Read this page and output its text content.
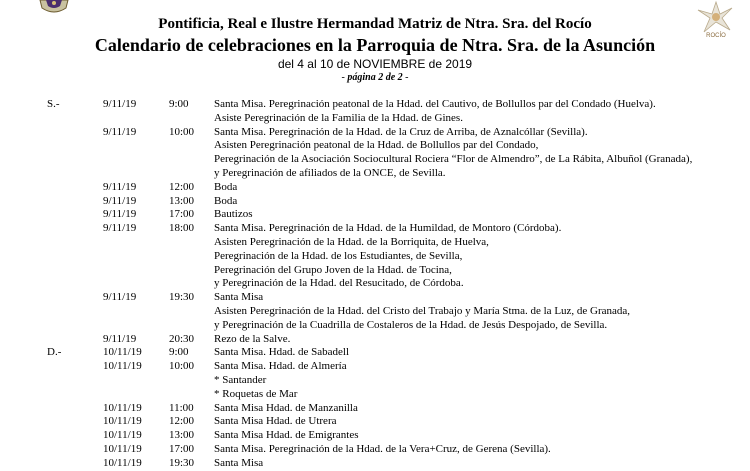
ROCÍO
Pontificia, Real e Ilustre Hermandad Matriz de Ntra. Sra. del Rocío
Calendario de celebraciones en la Parroquia de Ntra. Sra. de la Asunción
del 4 al 10 de NOVIEMBRE de 2019
- página 2 de 2 -
S.-	9/11/19	9:00 Santa Misa. Peregrinación peatonal de la Hdad. del Cautivo, de Bollullos par del Condado (Huelva).
Asiste Peregrinación de la Familia de la Hdad. de Gines.
9/11/19	10:00 Santa Misa. Peregrinación de la Hdad. de la Cruz de Arriba, de Aznalcóllar (Sevilla).
Asisten Peregrinación peatonal de la Hdad. de Bollullos par del Condado,
Peregrinación de la Asociación Sociocultural Rociera “Flor de Almendro”, de La Rábita, Albuñol (Granada),
y Peregrinación de afiliados de la ONCE, de Sevilla.
9/11/19	12:00 Boda
9/11/19	13:00 Boda
9/11/19	17:00 Bautizos
9/11/19	18:00 Santa Misa. Peregrinación de la Hdad. de la Humildad, de Montoro (Córdoba).
Asisten Peregrinación de la Hdad. de la Borriquita, de Huelva,
Peregrinación de la Hdad. de los Estudiantes, de Sevilla,
Peregrinación del Grupo Joven de la Hdad. de Tocina,
y Peregrinación de la Hdad. del Resucitado, de Córdoba.
9/11/19	19:30 Santa Misa
Asisten Peregrinación de la Hdad. del Cristo del Trabajo y María Stma. de la Luz, de Granada,
y Peregrinación de la Cuadrilla de Costaleros de la Hdad. de Jesús Despojado, de Sevilla.
9/11/19	20:30 Rezo de la Salve.
D.-	10/11/19 9:00 Santa Misa. Hdad. de Sabadell
10/11/19 10:00 Santa Misa. Hdad. de Almería
* Santander
* Roquetas de Mar
10/11/19 11:00 Santa Misa Hdad. de Manzanilla
10/11/19 12:00 Santa Misa Hdad. de Utrera
10/11/19 13:00 Santa Misa Hdad. de Emigrantes
10/11/19 17:00 Santa Misa. Peregrinación de la Hdad. de la Vera+Cruz, de Gerena (Sevilla).
10/11/19 19:30 Santa Misa
